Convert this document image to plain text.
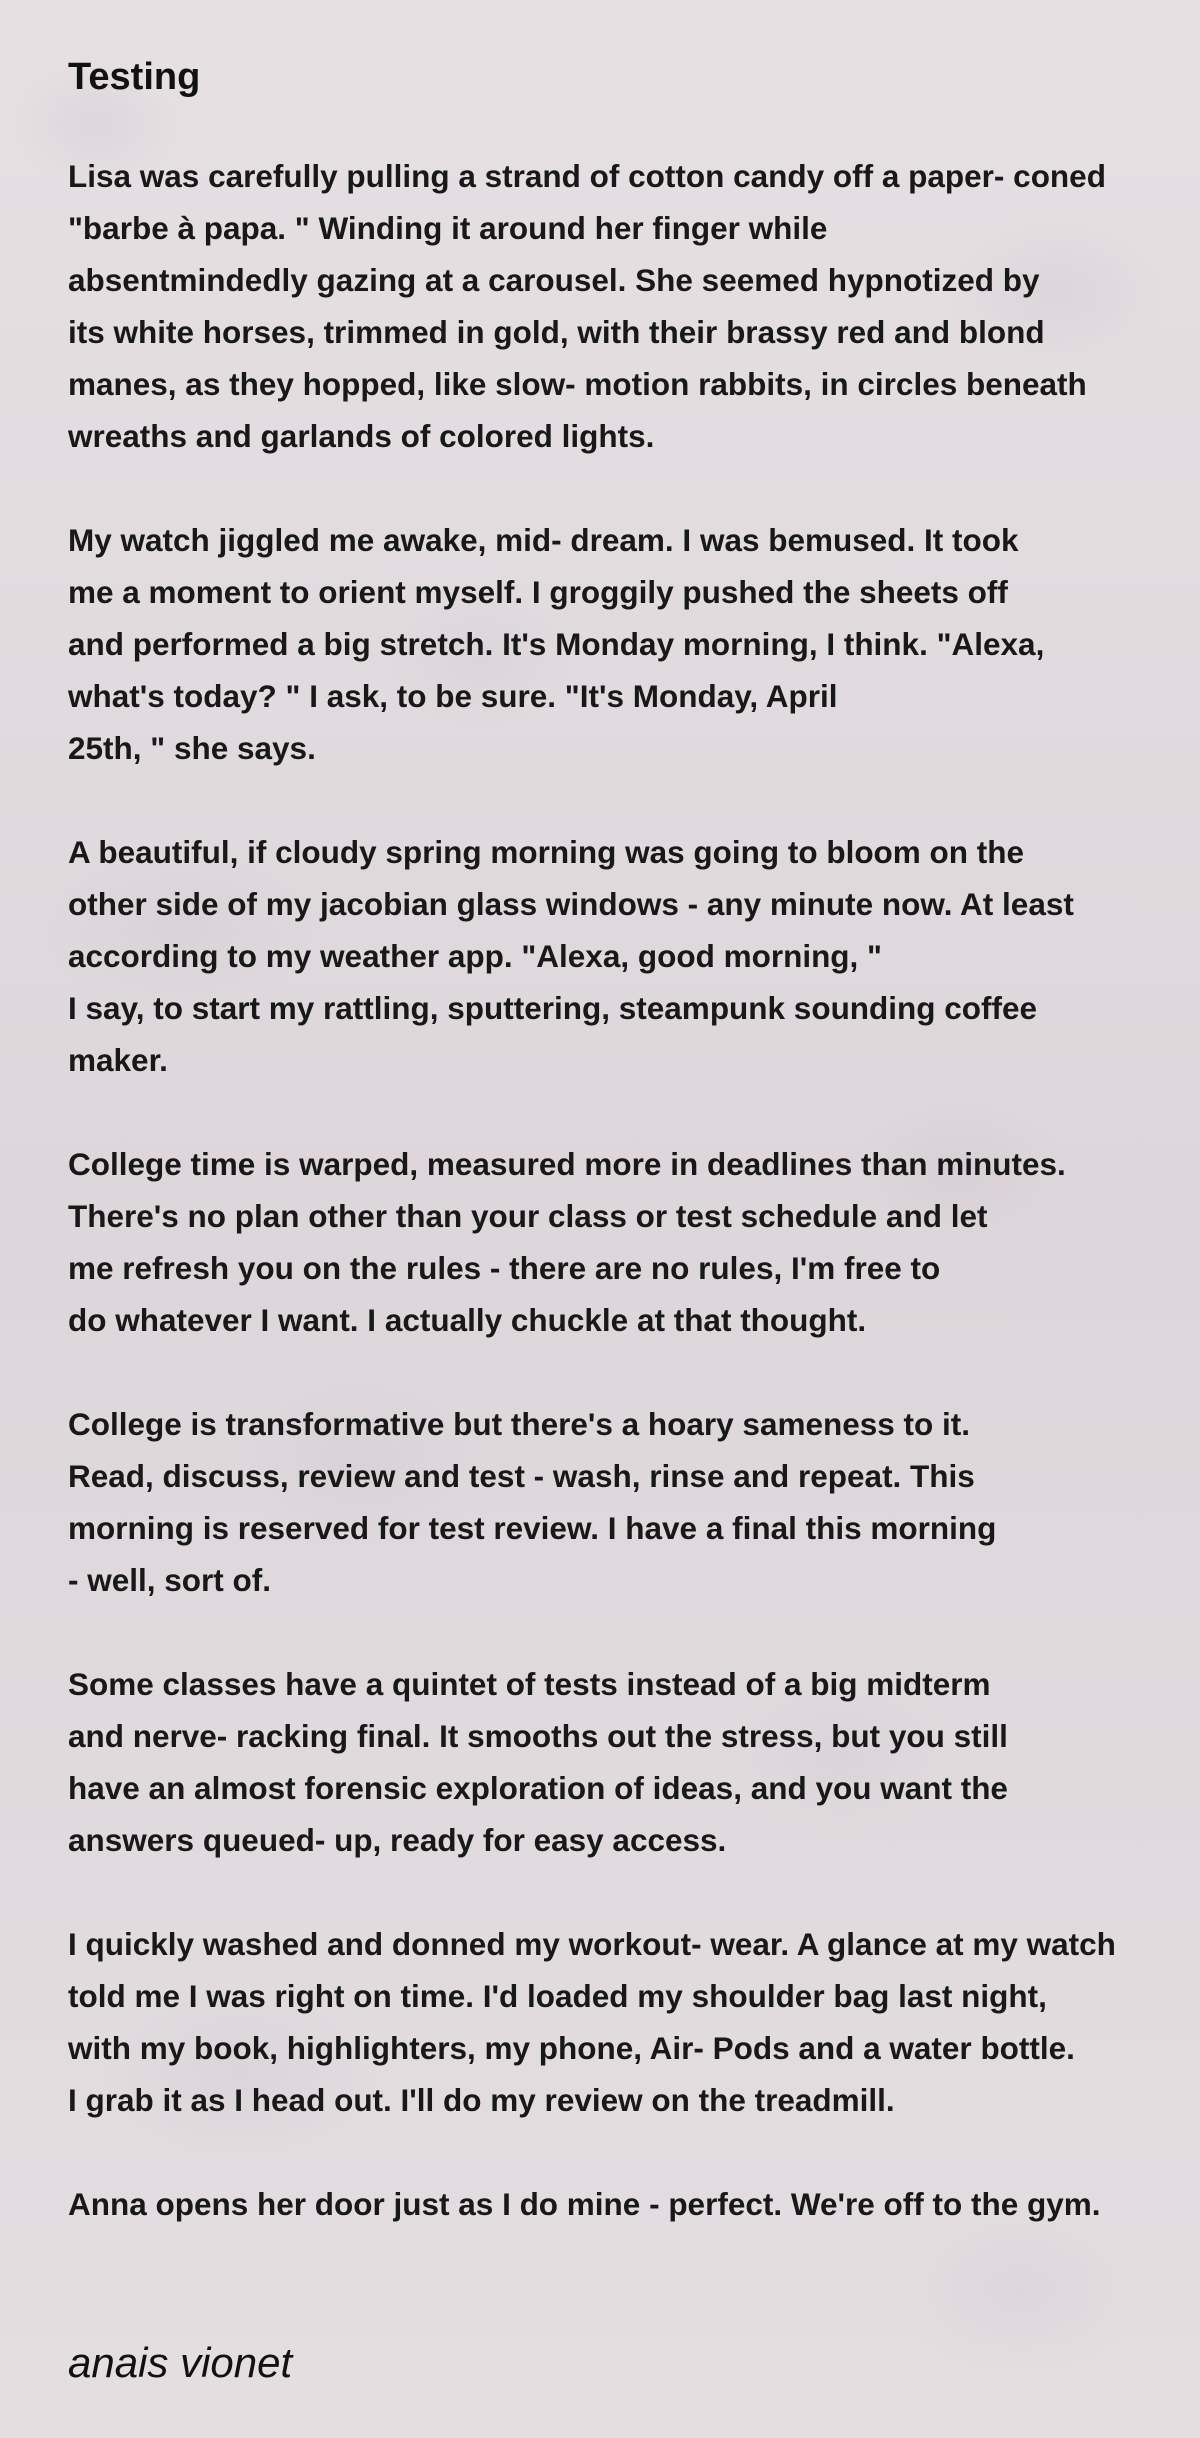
Testing
Lisa was carefully pulling a strand of cotton candy off a paper- coned
"barbe à papa. " Winding it around her finger while
absentmindedly gazing at a carousel. She seemed hypnotized by
its white horses, trimmed in gold, with their brassy red and blond
manes, as they hopped, like slow- motion rabbits, in circles beneath
wreaths and garlands of colored lights.
My watch jiggled me awake, mid- dream. I was bemused. It took
me a moment to orient myself. I groggily pushed the sheets off
and performed a big stretch. It's Monday morning, I think. "Alexa,
what's today? " I ask, to be sure. "It's Monday, April
25th, " she says.
A beautiful, if cloudy spring morning was going to bloom on the
other side of my jacobian glass windows - any minute now. At least
according to my weather app. "Alexa, good morning, "
I say, to start my rattling, sputtering, steampunk sounding coffee
maker.
College time is warped, measured more in deadlines than minutes.
There's no plan other than your class or test schedule and let
me refresh you on the rules - there are no rules, I'm free to
do whatever I want. I actually chuckle at that thought.
College is transformative but there's a hoary sameness to it.
Read, discuss, review and test - wash, rinse and repeat. This
morning is reserved for test review. I have a final this morning
- well, sort of.
Some classes have a quintet of tests instead of a big midterm
and nerve- racking final. It smooths out the stress, but you still
have an almost forensic exploration of ideas, and you want the
answers queued- up, ready for easy access.
I quickly washed and donned my workout- wear. A glance at my watch
told me I was right on time. I'd loaded my shoulder bag last night,
with my book, highlighters, my phone, Air- Pods and a water bottle.
I grab it as I head out. I'll do my review on the treadmill.
Anna opens her door just as I do mine - perfect. We're off to the gym.

anais vionet
